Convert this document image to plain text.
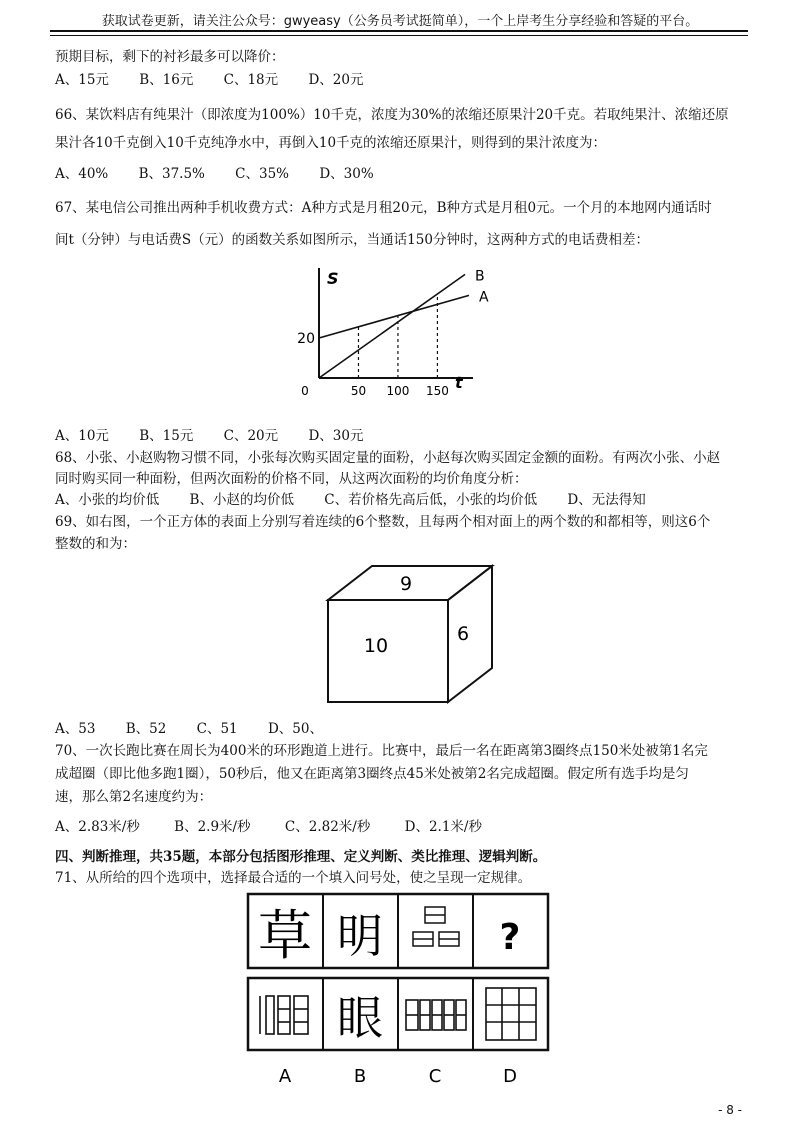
获取试卷更新，请关注公众号：gwyeasy（公务员考试挺简单），一个上岸考生分享经验和答疑的平台。
预期目标，剩下的衬衫最多可以降价：
A、15元 B、16元 C、18元 D、20元
66、某饮料店有纯果汁（即浓度为100%）10千克，浓度为30%的浓缩还原果汁20千克。若取纯果汁、浓缩还原
果汁各10千克倒入10千克纯净水中，再倒入10千克的浓缩还原果汁，则得到的果汁浓度为：
A、40% B、37.5% C、35% D、30%
67、某电信公司推出两种手机收费方式：A种方式是月租20元，B种方式是月租0元。一个月的本地网内通话时
间t（分钟）与电话费S（元）的函数关系如图所示，当通话150分钟时，这两种方式的电话费相差：
A
B
0	50 100 150
20
S
t
A、10元 B、15元 C、20元 D、30元
68、小张、小赵购物习惯不同，小张每次购买固定量的面粉，小赵每次购买固定金额的面粉。有两次小张、小赵
同时购买同一种面粉，但两次面粉的价格不同，从这两次面粉的均价角度分析：
A、小张的均价低 B、小赵的均价低 C、若价格先高后低，小张的均价低 D、无法得知
69、如右图，一个正方体的表面上分别写着连续的6个整数，且每两个相对面上的两个数的和都相等，则这6个
整数的和为：
9
10
6
A、53 B、52 C、51 D、50、
70、一次长跑比赛在周长为400米的环形跑道上进行。比赛中，最后一名在距离第3圈终点150米处被第1名完
成超圈（即比他多跑1圈），50秒后，他又在距离第3圈终点45米处被第2名完成超圈。假定所有选手均是匀
速，那么第2名速度约为：
A、2.83米/秒	B、2.9米/秒	C、2.82米/秒	D、2.1米/秒
四、判断推理，共35题，本部分包括图形推理、定义判断、类比推理、逻辑判断。
71、从所给的四个选项中，选择最合适的一个填入问号处，使之呈现一定规律。
草 明	?
眼
A	B	C	D
- 8 -
